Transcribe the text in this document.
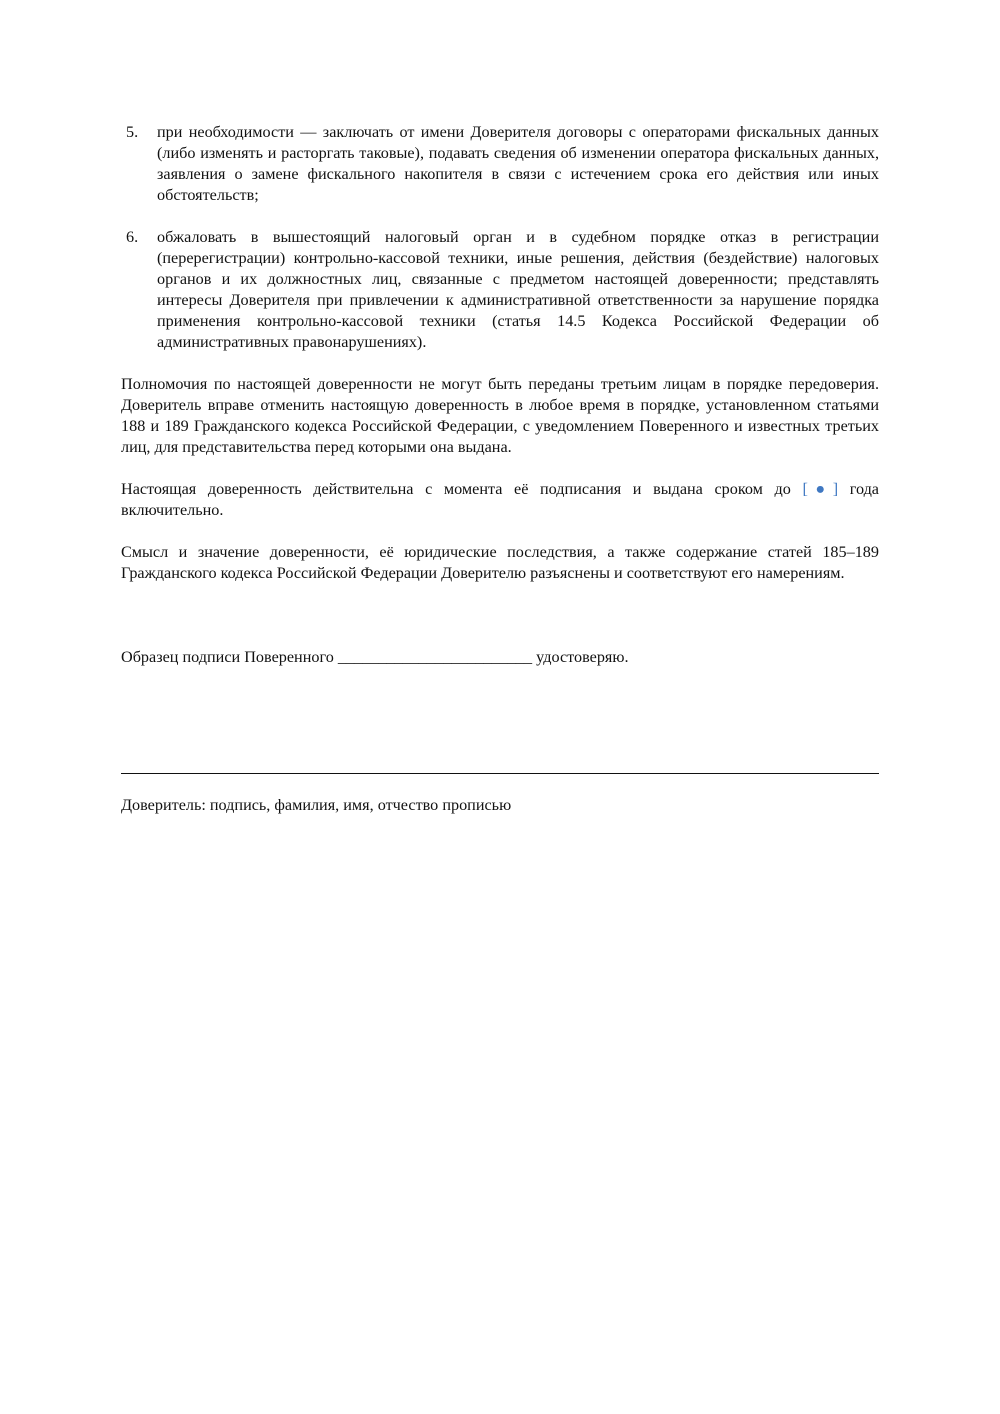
5. при необходимости — заключать от имени Доверителя договоры с операторами фискальных данных (либо изменять и расторгать таковые), подавать сведения об изменении оператора фискальных данных, заявления о замене фискального накопителя в связи с истечением срока его действия или иных обстоятельств;
6. обжаловать в вышестоящий налоговый орган и в судебном порядке отказ в регистрации (перерегистрации) контрольно-кассовой техники, иные решения, действия (бездействие) налоговых органов и их должностных лиц, связанные с предметом настоящей доверенности; представлять интересы Доверителя при привлечении к административной ответственности за нарушение порядка применения контрольно-кассовой техники (статья 14.5 Кодекса Российской Федерации об административных правонарушениях).

Полномочия по настоящей доверенности не могут быть переданы третьим лицам в порядке передоверия. Доверитель вправе отменить настоящую доверенность в любое время в порядке, установленном статьями 188 и 189 Гражданского кодекса Российской Федерации, с уведомлением Поверенного и известных третьих лиц, для представительства перед которыми она выдана.

Настоящая доверенность действительна с момента её подписания и выдана сроком до [●] года включительно.

Смысл и значение доверенности, её юридические последствия, а также содержание статей 185–189 Гражданского кодекса Российской Федерации Доверителю разъяснены и соответствуют его намерениям.

Образец подписи Поверенного ________________________ удостоверяю.

Доверитель: подпись, фамилия, имя, отчество прописью
